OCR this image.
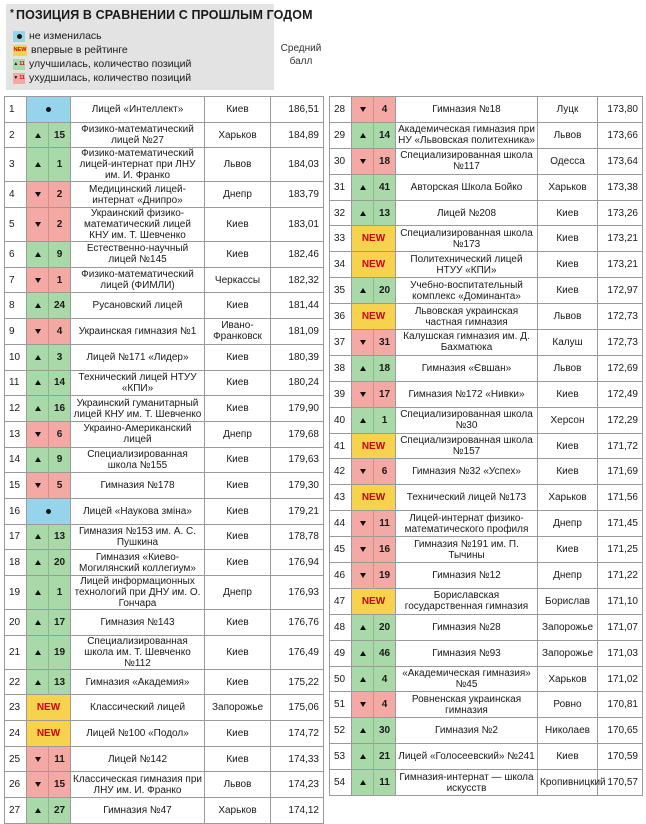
* ПОЗИЦИЯ В СРАВНЕНИИ С ПРОШЛЫМ ГОДОМ
не изменилась
NEW впервые в рейтинге
▲ 11 улучшилась, количество позиций
▼ 11 ухудшилась, количество позиций
Средний балл
1			Лицей «Интеллект»	Киев	186,51
2		15	Физико-математический лицей №27	Харьков	184,89
3		1	Физико-математический лицей-интернат при ЛНУ им. И. Франко	Львов	184,03
4		2	Медицинский лицей-интернат «Днипро»	Днепр	183,79
5		2	Украинский физико-математический лицей КНУ им. Т. Шевченко	Киев	183,01
6		9	Естественно-научный лицей №145	Киев	182,46
7		1	Физико-математический лицей (ФИМЛИ)	Черкассы	182,32
8		24	Русановский лицей	Киев	181,44
9		4	Украинская гимназия №1	Ивано-Франковск	181,09
10		3	Лицей №171 «Лидер»	Киев	180,39
11		14	Технический лицей НТУУ «КПИ»	Киев	180,24
12		16	Украинский гуманитарный лицей КНУ им. Т. Шевченко	Киев	179,90
13		6	Украино-Американский лицей	Днепр	179,68
14		9	Специализированная школа №155	Киев	179,63
15		5	Гимназия №178	Киев	179,30
16			Лицей «Наукова зміна»	Киев	179,21
17		13	Гимназия №153 им. А. С. Пушкина	Киев	178,78
18		20	Гимназия «Киево-Могилянский коллегиум»	Киев	176,94
19		1	Лицей информационных технологий при ДНУ им. О. Гончара	Днепр	176,93
20		17	Гимназия №143	Киев	176,76
21		19	Специализированная школа им. Т. Шевченко №112	Киев	176,49
22		13	Гимназия «Академия»	Киев	175,22
23	NEW		Классический лицей	Запорожье	175,06
24	NEW		Лицей №100 «Подол»	Киев	174,72
25		11	Лицей №142	Киев	174,33
26		15	Классическая гимназия при ЛНУ им. И. Франко	Львов	174,23
27		27	Гимназия №47	Харьков	174,12
28		4	Гимназия №18	Луцк	173,80
29		14	Академическая гимназия при НУ «Львовская политехника»	Львов	173,66
30		18	Специализированная школа №117	Одесса	173,64
31		41	Авторская Школа Бойко	Харьков	173,38
32		13	Лицей №208	Киев	173,26
33	NEW		Специализированная школа №173	Киев	173,21
34	NEW		Политехнический лицей НТУУ «КПИ»	Киев	173,21
35		20	Учебно-воспитательный комплекс «Доминанта»	Киев	172,97
36	NEW		Львовская украинская частная гимназия	Львов	172,73
37		31	Калушская гимназия им. Д. Бахматюка	Калуш	172,73
38		18	Гимназия «Євшан»	Львов	172,69
39		17	Гимназия №172 «Нивки»	Киев	172,49
40		1	Специализированная школа №30	Херсон	172,29
41	NEW		Специализированная школа №157	Киев	171,72
42		6	Гимназия №32 «Успех»	Киев	171,69
43	NEW		Технический лицей №173	Харьков	171,56
44		11	Лицей-интернат физико-математического профиля	Днепр	171,45
45		16	Гимназия №191 им. П. Тычины	Киев	171,25
46		19	Гимназия №12	Днепр	171,22
47	NEW		Бориславская государственная гимназия	Борислав	171,10
48		20	Гимназия №28	Запорожье	171,07
49		46	Гимназия №93	Запорожье	171,03
50		4	«Академическая гимназия» №45	Харьков	171,02
51		4	Ровненская украинская гимназия	Ровно	170,81
52		30	Гимназия №2	Николаев	170,65
53		21	Лицей «Голосеевский» №241	Киев	170,59
54		11	Гимназия-интернат — школа искусств	Кропивницкий	170,57
